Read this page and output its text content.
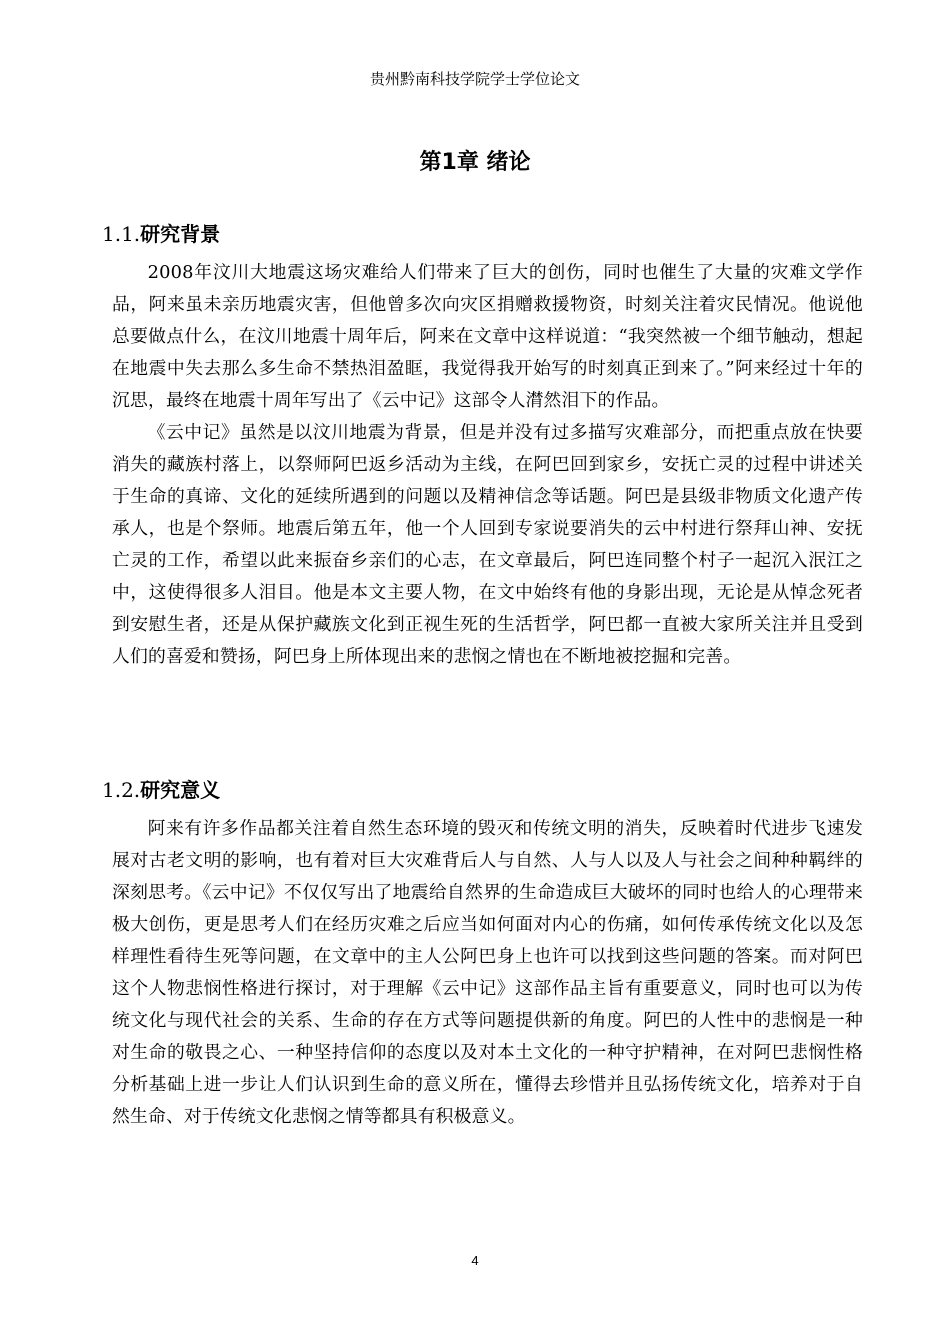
贵州黔南科技学院学士学位论文
第1章 绪论
1.1.研究背景

2008年汶川大地震这场灾难给人们带来了巨大的创伤，同时也催生了大量的灾难文学作品，阿来虽未亲历地震灾害，但他曾多次向灾区捐赠救援物资，时刻关注着灾民情况。他说他总要做点什么，在汶川地震十周年后，阿来在文章中这样说道：“我突然被一个细节触动，想起在地震中失去那么多生命不禁热泪盈眶，我觉得我开始写的时刻真正到来了。”阿来经过十年的沉思，最终在地震十周年写出了《云中记》这部令人潸然泪下的作品。

《云中记》虽然是以汶川地震为背景，但是并没有过多描写灾难部分，而把重点放在快要消失的藏族村落上，以祭师阿巴返乡活动为主线，在阿巴回到家乡，安抚亡灵的过程中讲述关于生命的真谛、文化的延续所遇到的问题以及精神信念等话题。阿巴是县级非物质文化遗产传承人，也是个祭师。地震后第五年，他一个人回到专家说要消失的云中村进行祭拜山神、安抚亡灵的工作，希望以此来振奋乡亲们的心志，在文章最后，阿巴连同整个村子一起沉入泯江之中，这使得很多人泪目。他是本文主要人物，在文中始终有他的身影出现，无论是从悼念死者到安慰生者，还是从保护藏族文化到正视生死的生活哲学，阿巴都一直被大家所关注并且受到人们的喜爱和赞扬，阿巴身上所体现出来的悲悯之情也在不断地被挖掘和完善。

1.2.研究意义

阿来有许多作品都关注着自然生态环境的毁灭和传统文明的消失，反映着时代进步飞速发展对古老文明的影响，也有着对巨大灾难背后人与自然、人与人以及人与社会之间种种羁绊的深刻思考。《云中记》不仅仅写出了地震给自然界的生命造成巨大破坏的同时也给人的心理带来极大创伤，更是思考人们在经历灾难之后应当如何面对内心的伤痛，如何传承传统文化以及怎样理性看待生死等问题，在文章中的主人公阿巴身上也许可以找到这些问题的答案。而对阿巴这个人物悲悯性格进行探讨，对于理解《云中记》这部作品主旨有重要意义，同时也可以为传统文化与现代社会的关系、生命的存在方式等问题提供新的角度。阿巴的人性中的悲悯是一种对生命的敬畏之心、一种坚持信仰的态度以及对本土文化的一种守护精神，在对阿巴悲悯性格分析基础上进一步让人们认识到生命的意义所在，懂得去珍惜并且弘扬传统文化，培养对于自然生命、对于传统文化悲悯之情等都具有积极意义。

4
